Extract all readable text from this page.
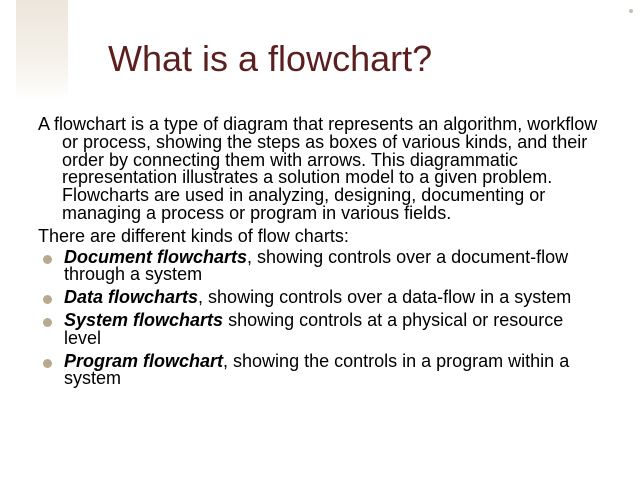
What is a flowchart?

A flowchart is a type of diagram that represents an algorithm, workflow or process, showing the steps as boxes of various kinds, and their order by connecting them with arrows. This diagrammatic representation illustrates a solution model to a given problem. Flowcharts are used in analyzing, designing, documenting or managing a process or program in various fields.

There are different kinds of flow charts:

Document flowcharts, showing controls over a document-flow through a system
Data flowcharts, showing controls over a data-flow in a system
System flowcharts showing controls at a physical or resource level
Program flowchart, showing the controls in a program within a system
